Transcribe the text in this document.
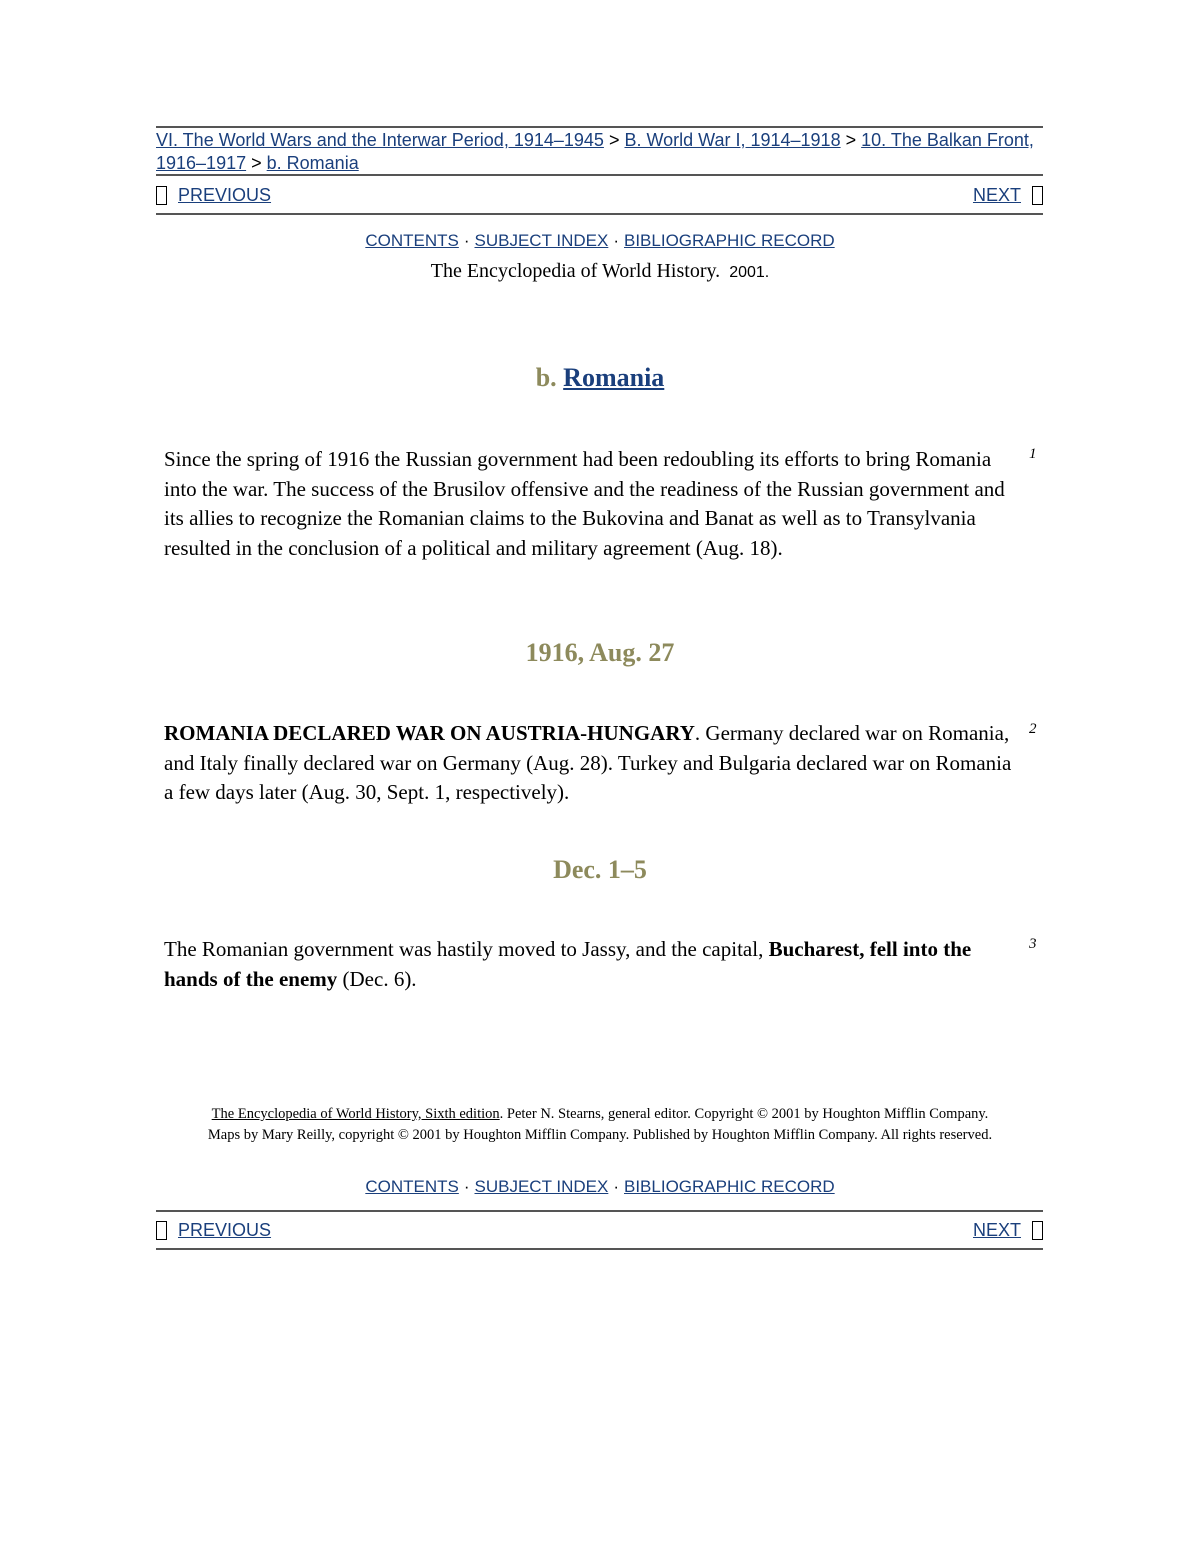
VI. The World Wars and the Interwar Period, 1914–1945 > B. World War I, 1914–1918 > 10. The Balkan Front, 1916–1917 > b. Romania
PREVIOUS	NEXT
CONTENTS · SUBJECT INDEX · BIBLIOGRAPHIC RECORD
The Encyclopedia of World History. 2001.
b. Romania
Since the spring of 1916 the Russian government had been redoubling its efforts to bring Romania into the war. The success of the Brusilov offensive and the readiness of the Russian government and its allies to recognize the Romanian claims to the Bukovina and Banat as well as to Transylvania resulted in the conclusion of a political and military agreement (Aug. 18).
1
1916, Aug. 27
ROMANIA DECLARED WAR ON AUSTRIA-HUNGARY. Germany declared war on Romania, and Italy finally declared war on Germany (Aug. 28). Turkey and Bulgaria declared war on Romania a few days later (Aug. 30, Sept. 1, respectively).
2
Dec. 1–5
The Romanian government was hastily moved to Jassy, and the capital, Bucharest, fell into the hands of the enemy (Dec. 6).
3
The Encyclopedia of World History, Sixth edition. Peter N. Stearns, general editor. Copyright © 2001 by Houghton Mifflin Company.
Maps by Mary Reilly, copyright © 2001 by Houghton Mifflin Company. Published by Houghton Mifflin Company. All rights reserved.
CONTENTS · SUBJECT INDEX · BIBLIOGRAPHIC RECORD
PREVIOUS	NEXT
